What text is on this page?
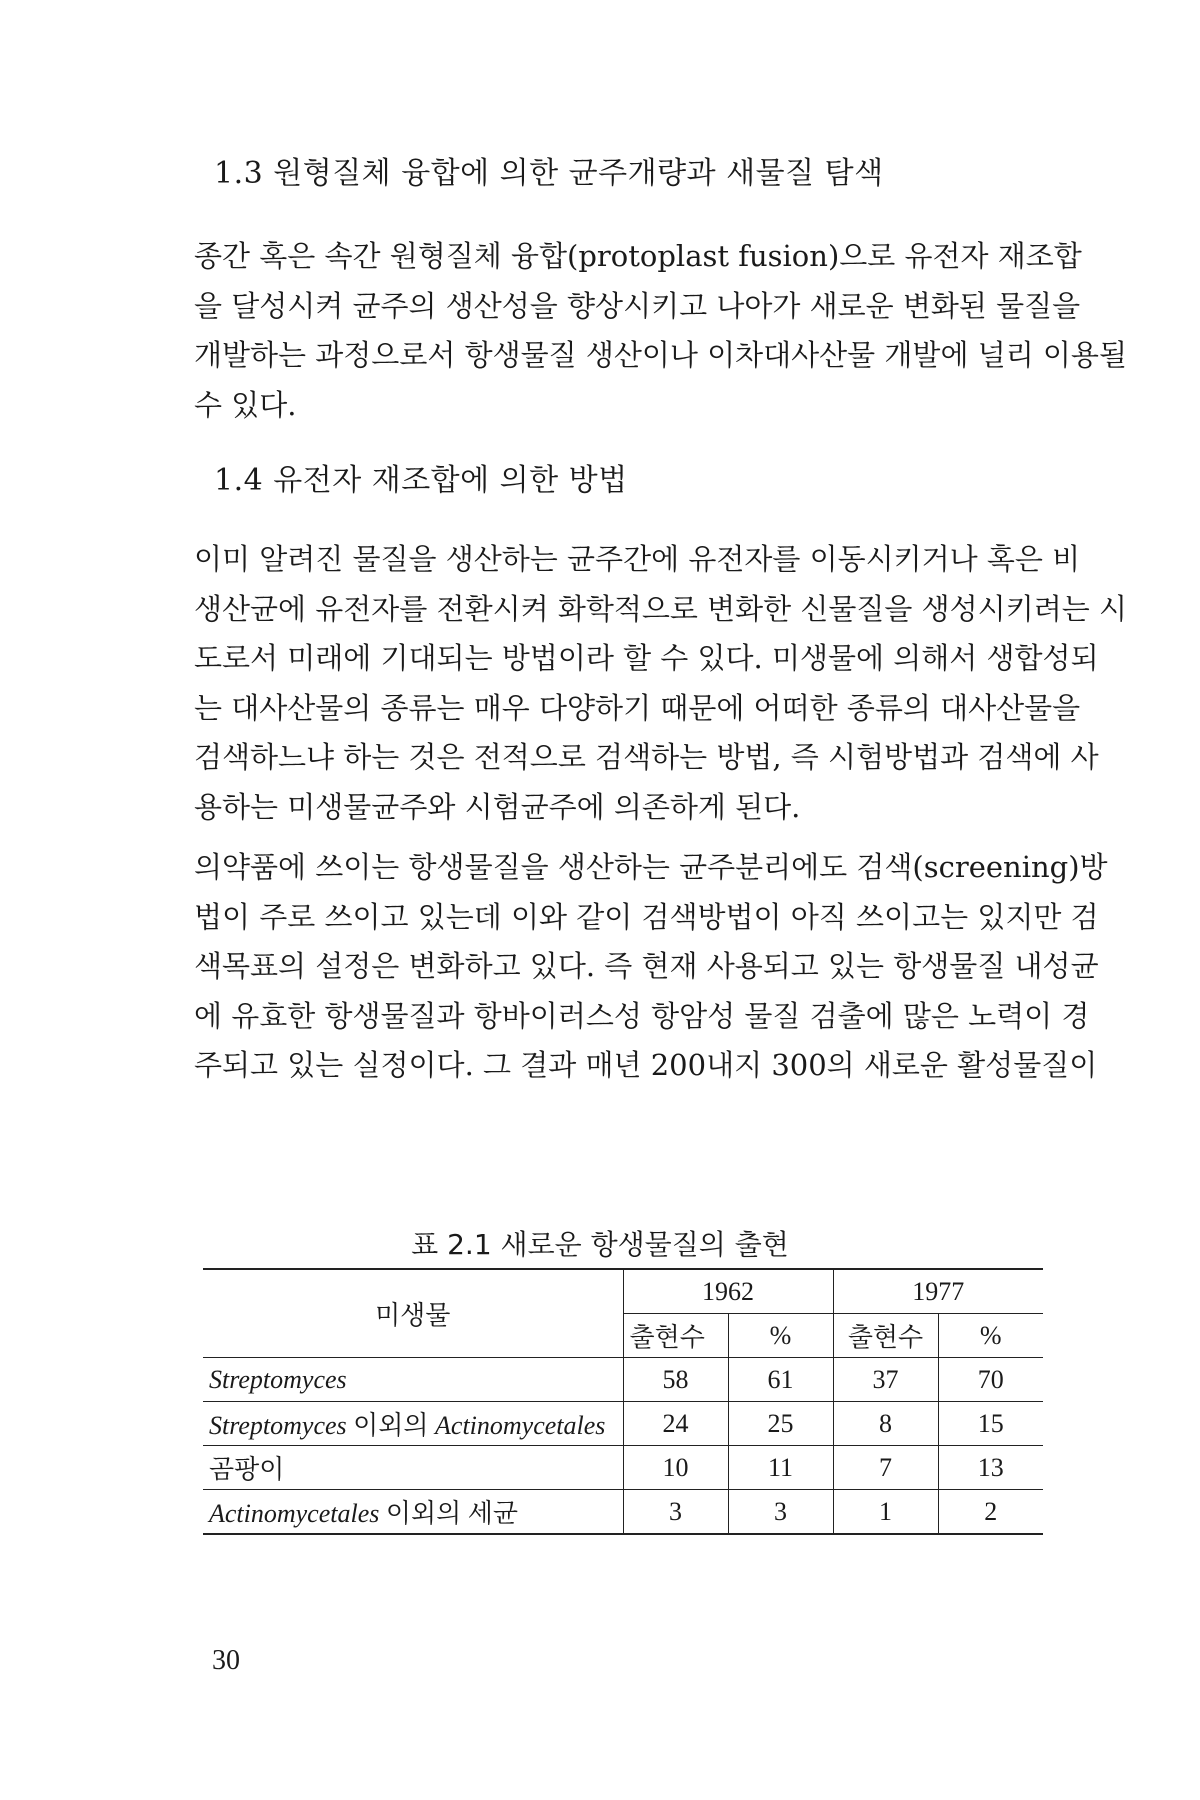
1.3 원형질체 융합에 의한 균주개량과 새물질 탐색
종간 혹은 속간 원형질체 융합(protoplast fusion)으로 유전자 재조합
을 달성시켜 균주의 생산성을 향상시키고 나아가 새로운 변화된 물질을
개발하는 과정으로서 항생물질 생산이나 이차대사산물 개발에 널리 이용될
수 있다.
1.4 유전자 재조합에 의한 방법
이미 알려진 물질을 생산하는 균주간에 유전자를 이동시키거나 혹은 비
생산균에 유전자를 전환시켜 화학적으로 변화한 신물질을 생성시키려는 시
도로서 미래에 기대되는 방법이라 할 수 있다. 미생물에 의해서 생합성되
는 대사산물의 종류는 매우 다양하기 때문에 어떠한 종류의 대사산물을
검색하느냐 하는 것은 전적으로 검색하는 방법, 즉 시험방법과 검색에 사
용하는 미생물균주와 시험균주에 의존하게 된다.
의약품에 쓰이는 항생물질을 생산하는 균주분리에도 검색(screening)방
법이 주로 쓰이고 있는데 이와 같이 검색방법이 아직 쓰이고는 있지만 검
색목표의 설정은 변화하고 있다. 즉 현재 사용되고 있는 항생물질 내성균
에 유효한 항생물질과 항바이러스성 항암성 물질 검출에 많은 노력이 경
주되고 있는 실정이다. 그 결과 매년 200내지 300의 새로운 활성물질이
표 2.1 새로운 항생물질의 출현
미생물	1962		1977	
	출현수	%	출현수	%
Streptomyces	58	61	37	70
Streptomyces 이외의 Actinomycetales	24	25	8	15
곰팡이	10	11	7	13
Actinomycetales 이외의 세균	3	3	1	2
30
